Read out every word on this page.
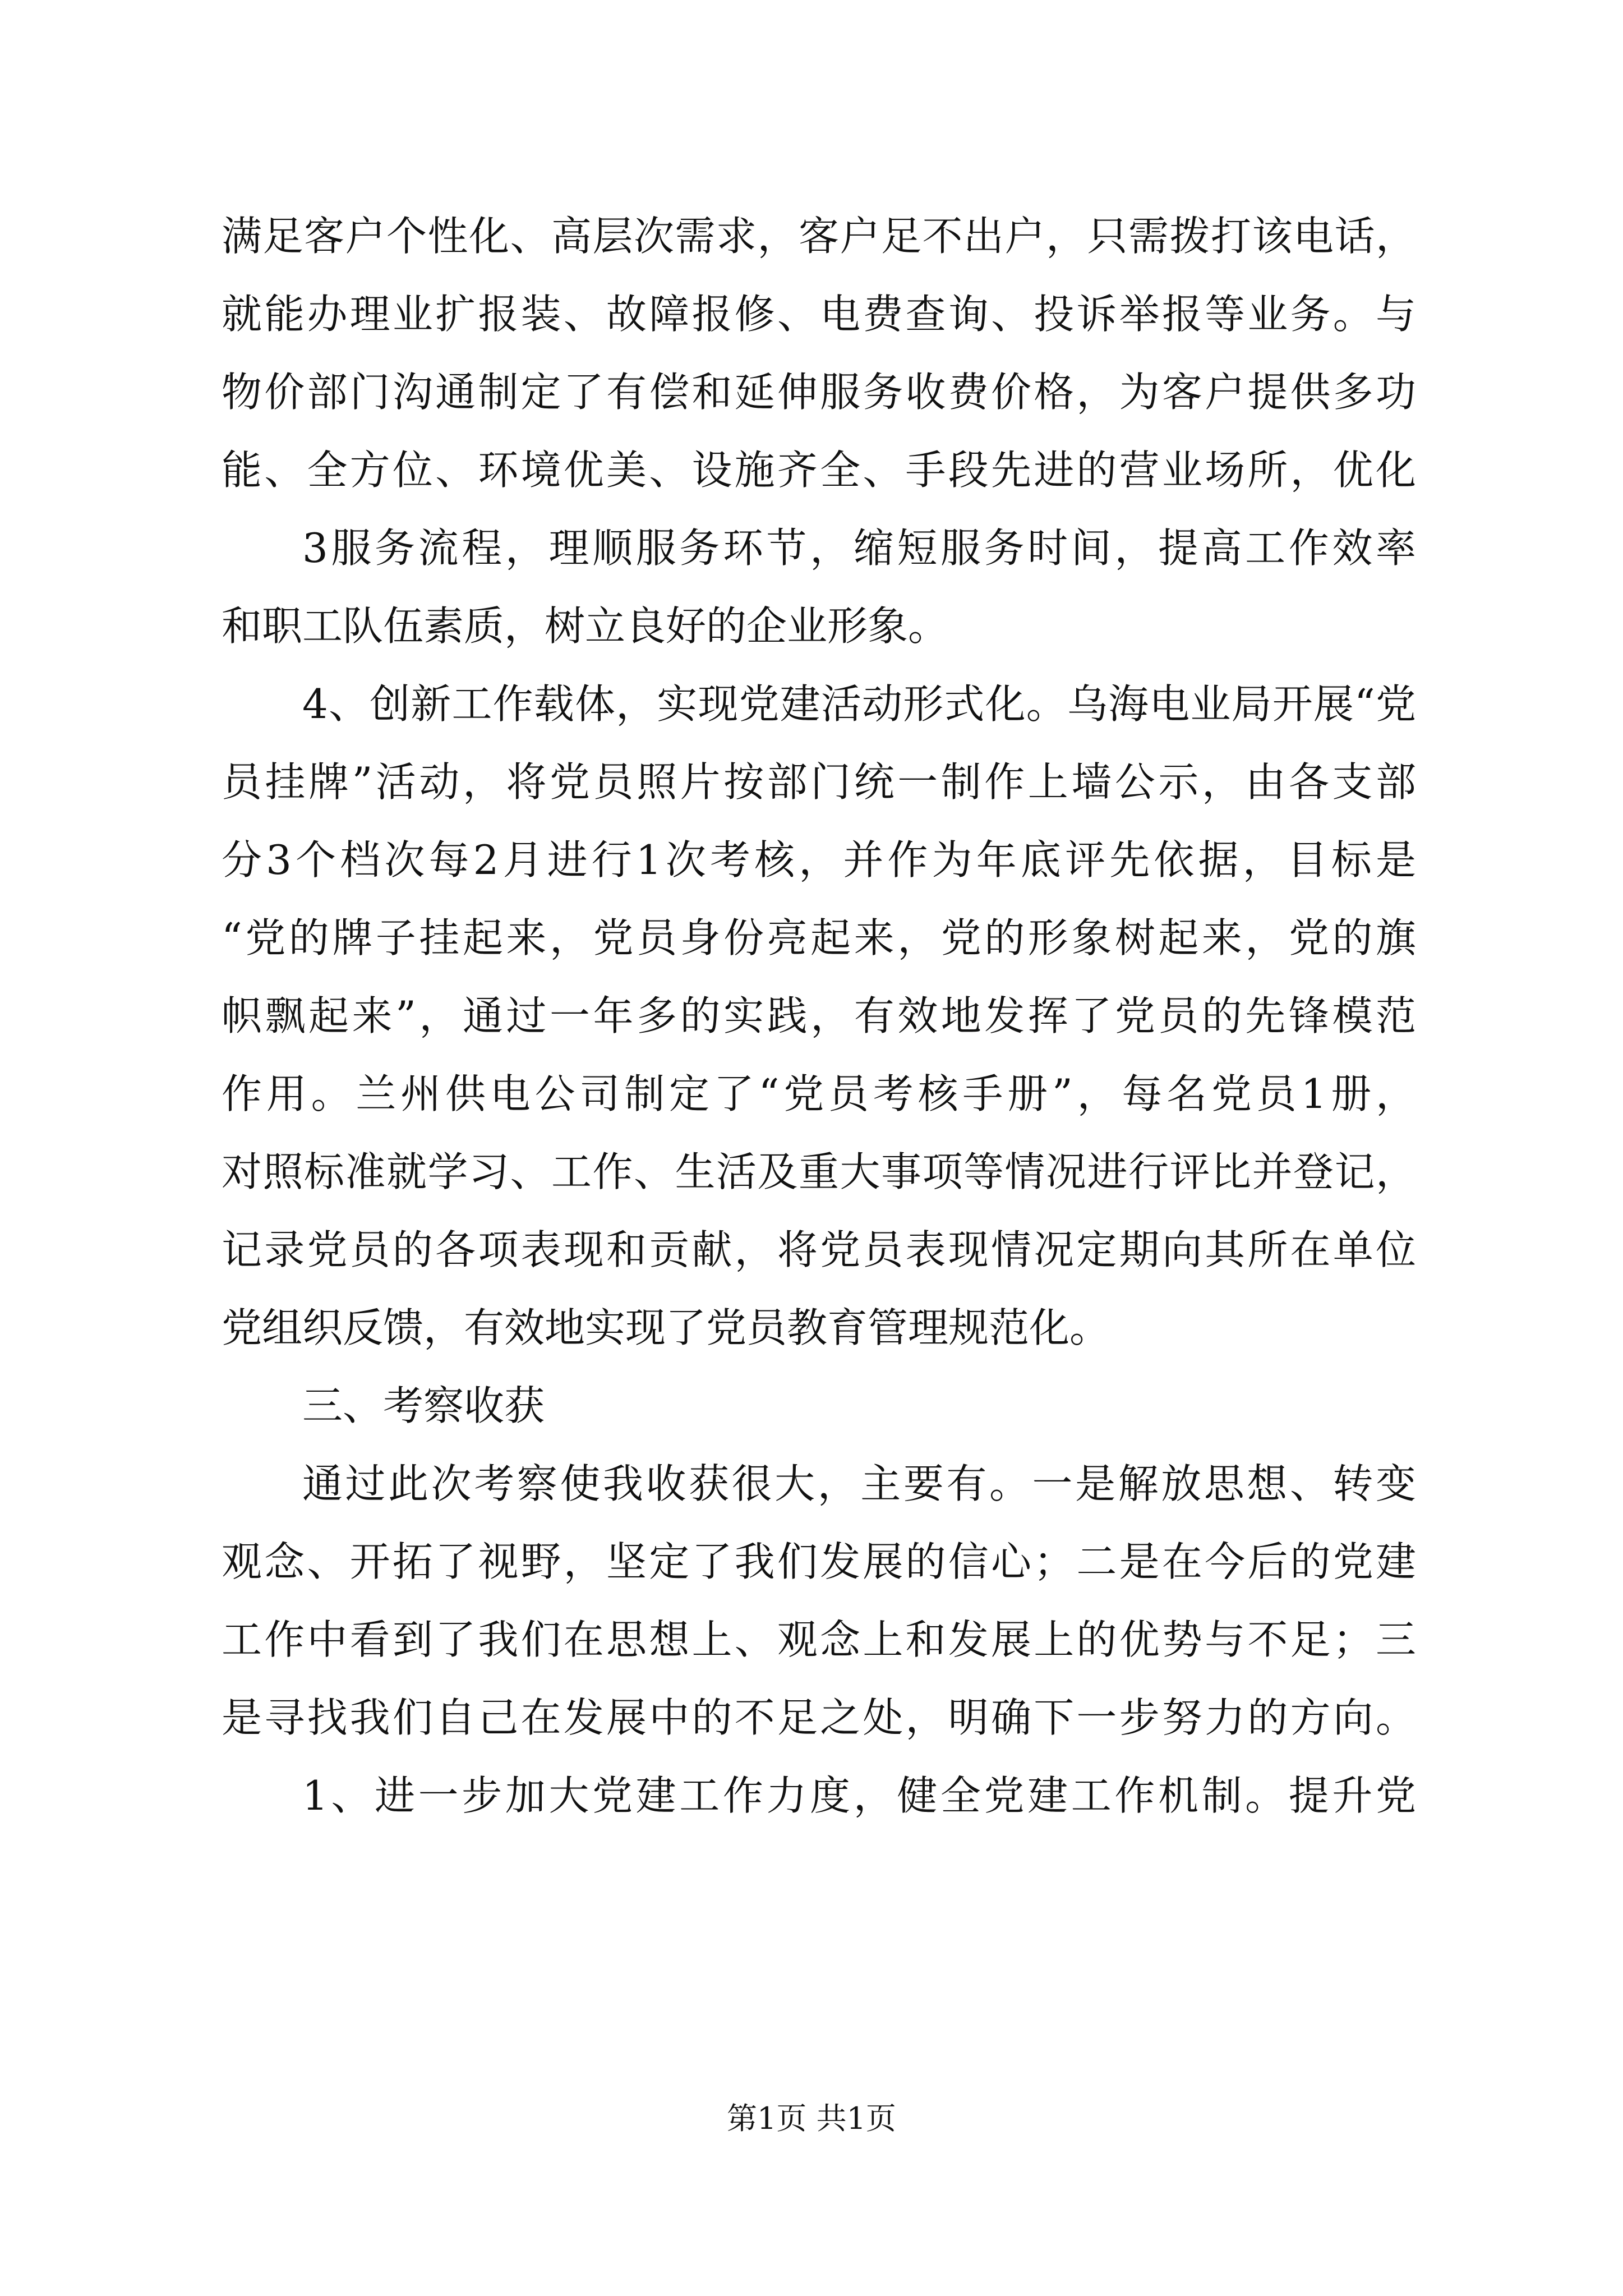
满足客户个性化、高层次需求，客户足不出户，只需拨打该电话，
就能办理业扩报装、故障报修、电费查询、投诉举报等业务。与
物价部门沟通制定了有偿和延伸服务收费价格，为客户提供多功
能、全方位、环境优美、设施齐全、手段先进的营业场所，优化
3服务流程，理顺服务环节，缩短服务时间，提高工作效率
和职工队伍素质，树立良好的企业形象。
4、创新工作载体，实现党建活动形式化。乌海电业局开展“党
员挂牌”活动，将党员照片按部门统一制作上墙公示，由各支部
分3个档次每2月进行1次考核，并作为年底评先依据，目标是
“党的牌子挂起来，党员身份亮起来，党的形象树起来，党的旗
帜飘起来”，通过一年多的实践，有效地发挥了党员的先锋模范
作用。兰州供电公司制定了“党员考核手册”，每名党员1册，
对照标准就学习、工作、生活及重大事项等情况进行评比并登记，
记录党员的各项表现和贡献，将党员表现情况定期向其所在单位
党组织反馈，有效地实现了党员教育管理规范化。
三、考察收获
通过此次考察使我收获很大，主要有。一是解放思想、转变
观念、开拓了视野，坚定了我们发展的信心；二是在今后的党建
工作中看到了我们在思想上、观念上和发展上的优势与不足；三
是寻找我们自己在发展中的不足之处，明确下一步努力的方向。
1、进一步加大党建工作力度，健全党建工作机制。提升党
第1页 共1页
